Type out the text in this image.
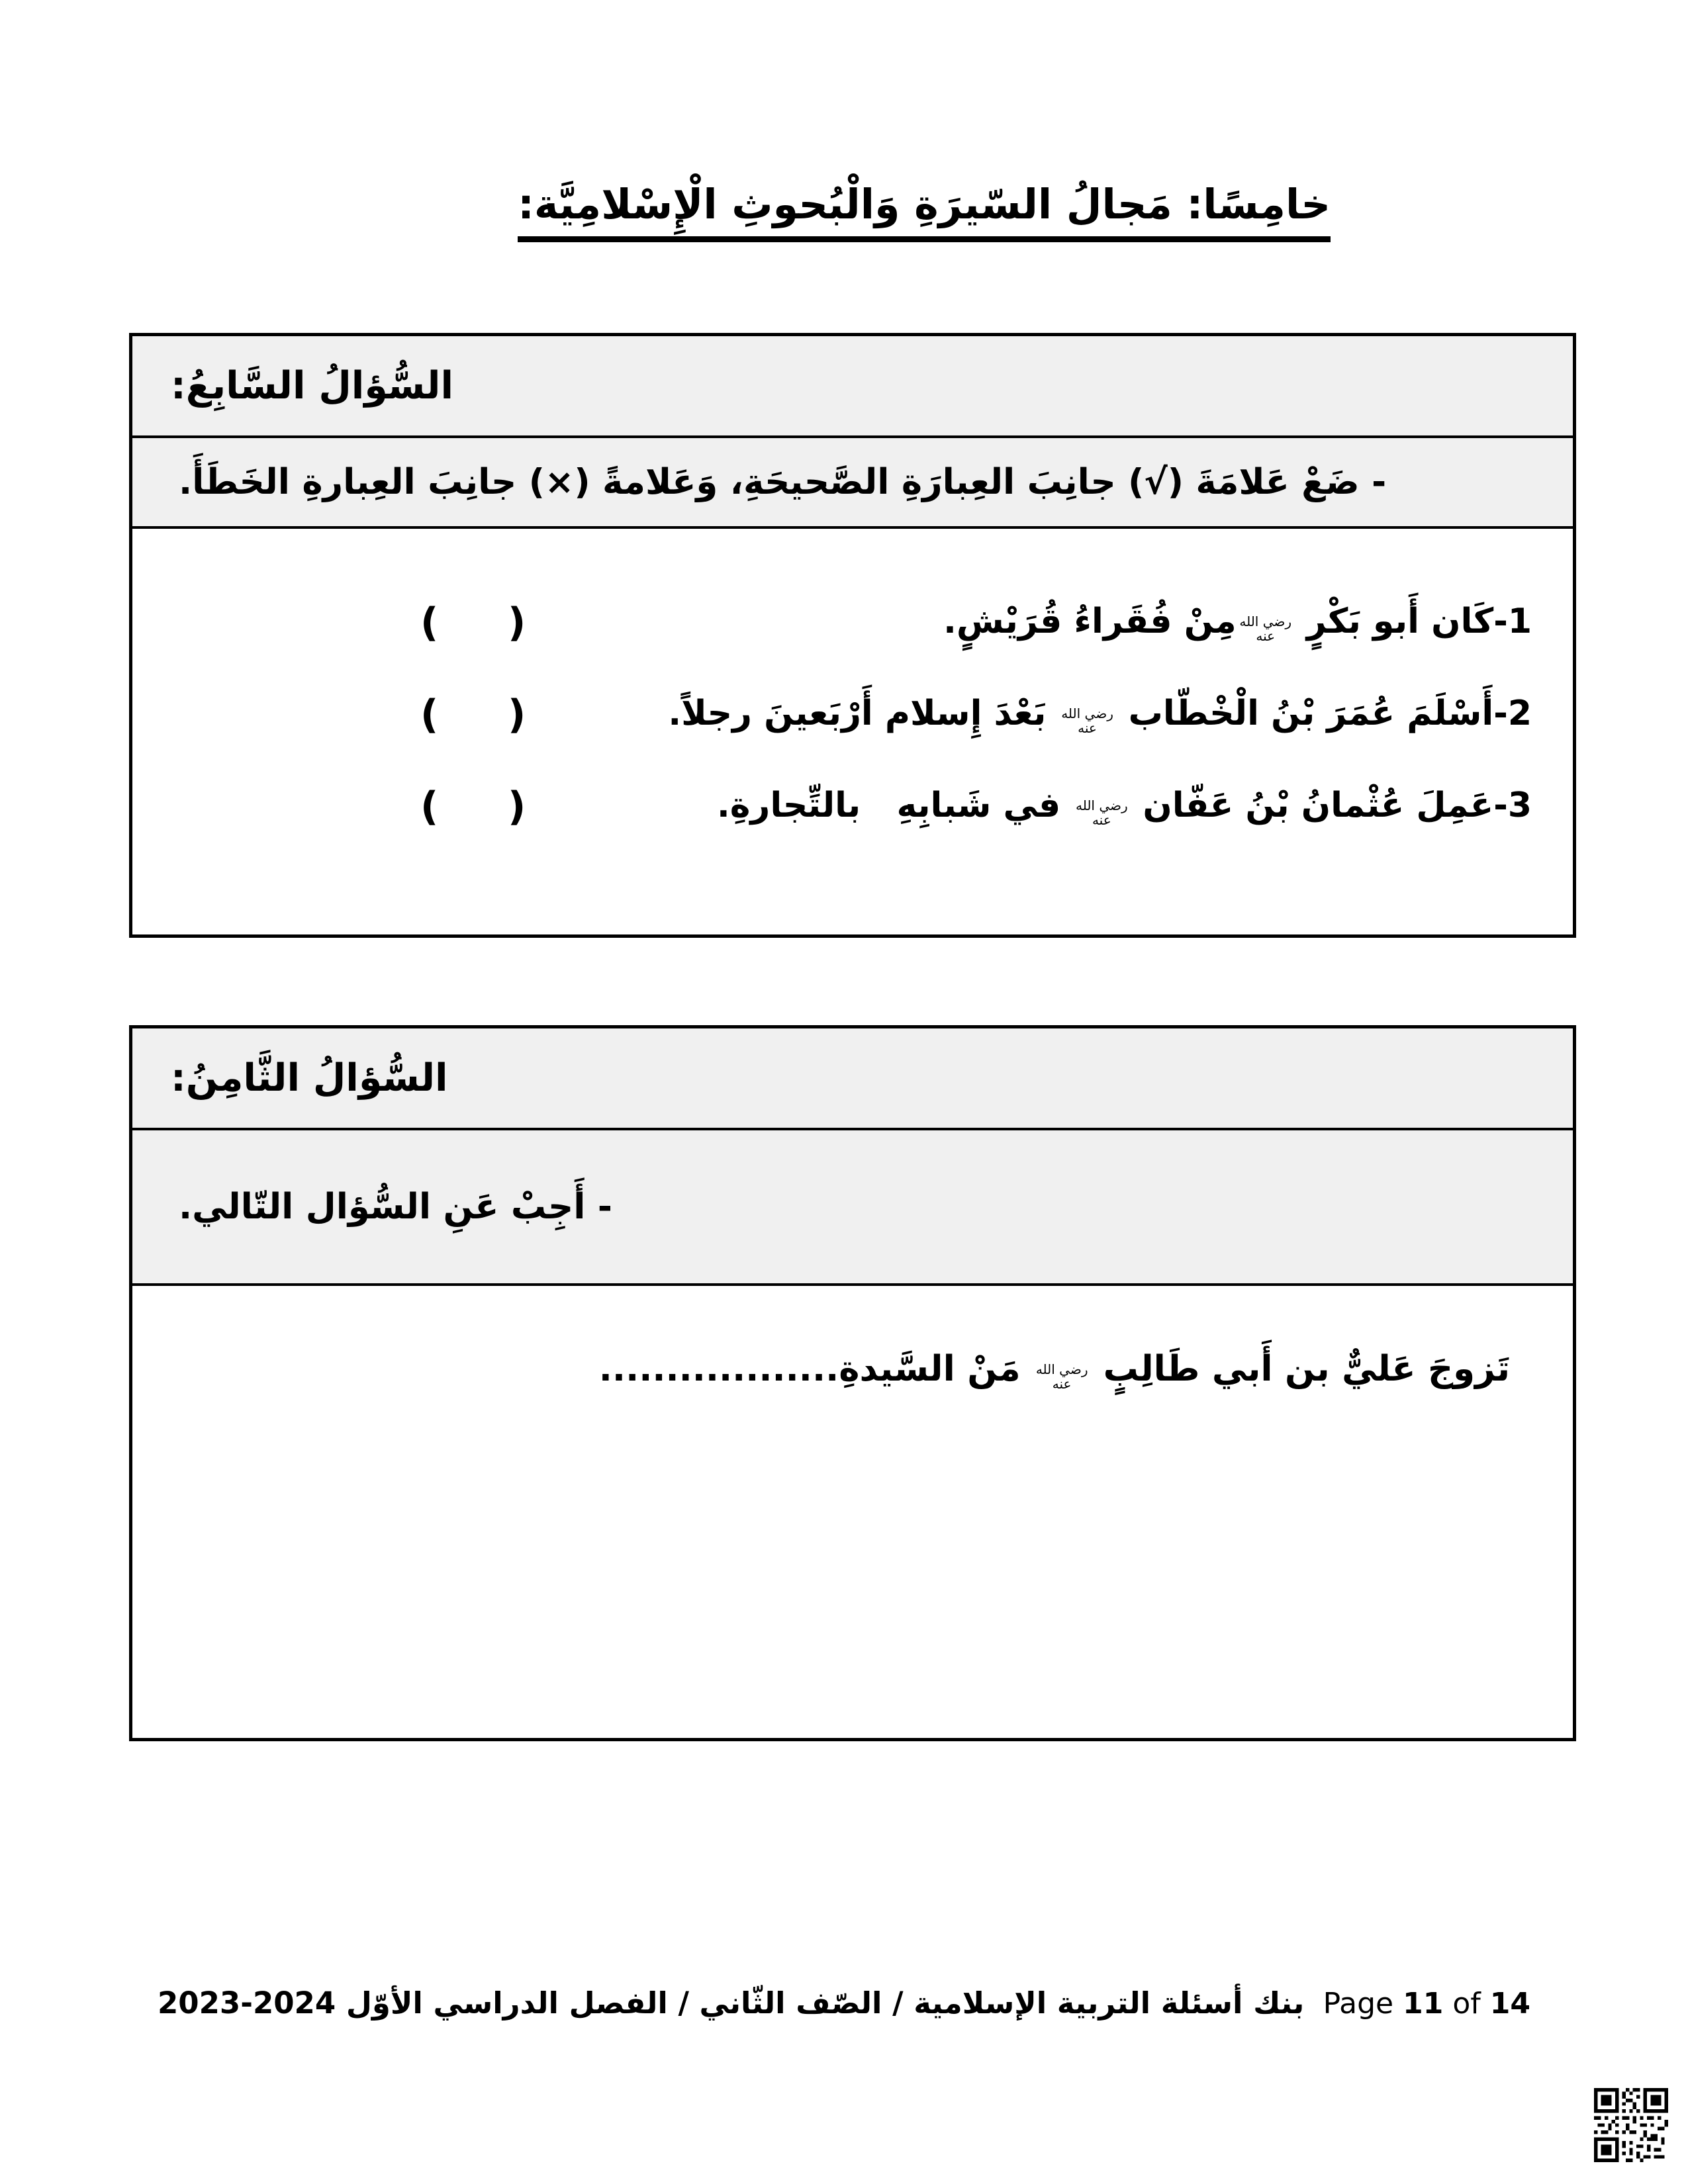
خامِسًا: مَجالُ السّيرَةِ وَالْبُحوثِ الْإِسْلامِيَّة:
السُّؤالُ السَّابِعُ:
- ضَعْ عَلامَةَ (√) جانِبَ العِبارَةِ الصَّحيحَةِ، وَعَلامةً (×) جانِبَ العِبارةِ الخَطَأَ.
(     )	1-كَان أَبو بَكْرٍ رضي الله عنهمِنْ فُقَراءُ قُرَيْشٍ.
(     )	2-أَسْلَمَ عُمَرَ بْنُ الْخْطّاب رضي الله عنه بَعْدَ إِسلام أَرْبَعينَ رجلاً.
(     )	3-عَمِلَ عُثْمانُ بْنُ عَفّان رضي الله عنه في شَبابِهِ   بالتِّجارةِ.
السُّؤالُ الثَّامِنُ:
- أَجِبْ عَنِ السُّؤال التّالي.
تَزوجَ عَليٌّ بن أَبي طَالِبٍ رضي الله عنه مَنْ السَّيدةِ..................
بنك أسئلة التربية الإسلامية / الصّف الثّاني / الفصل الدراسي الأوّل 2024-2023	Page 11 of 14
